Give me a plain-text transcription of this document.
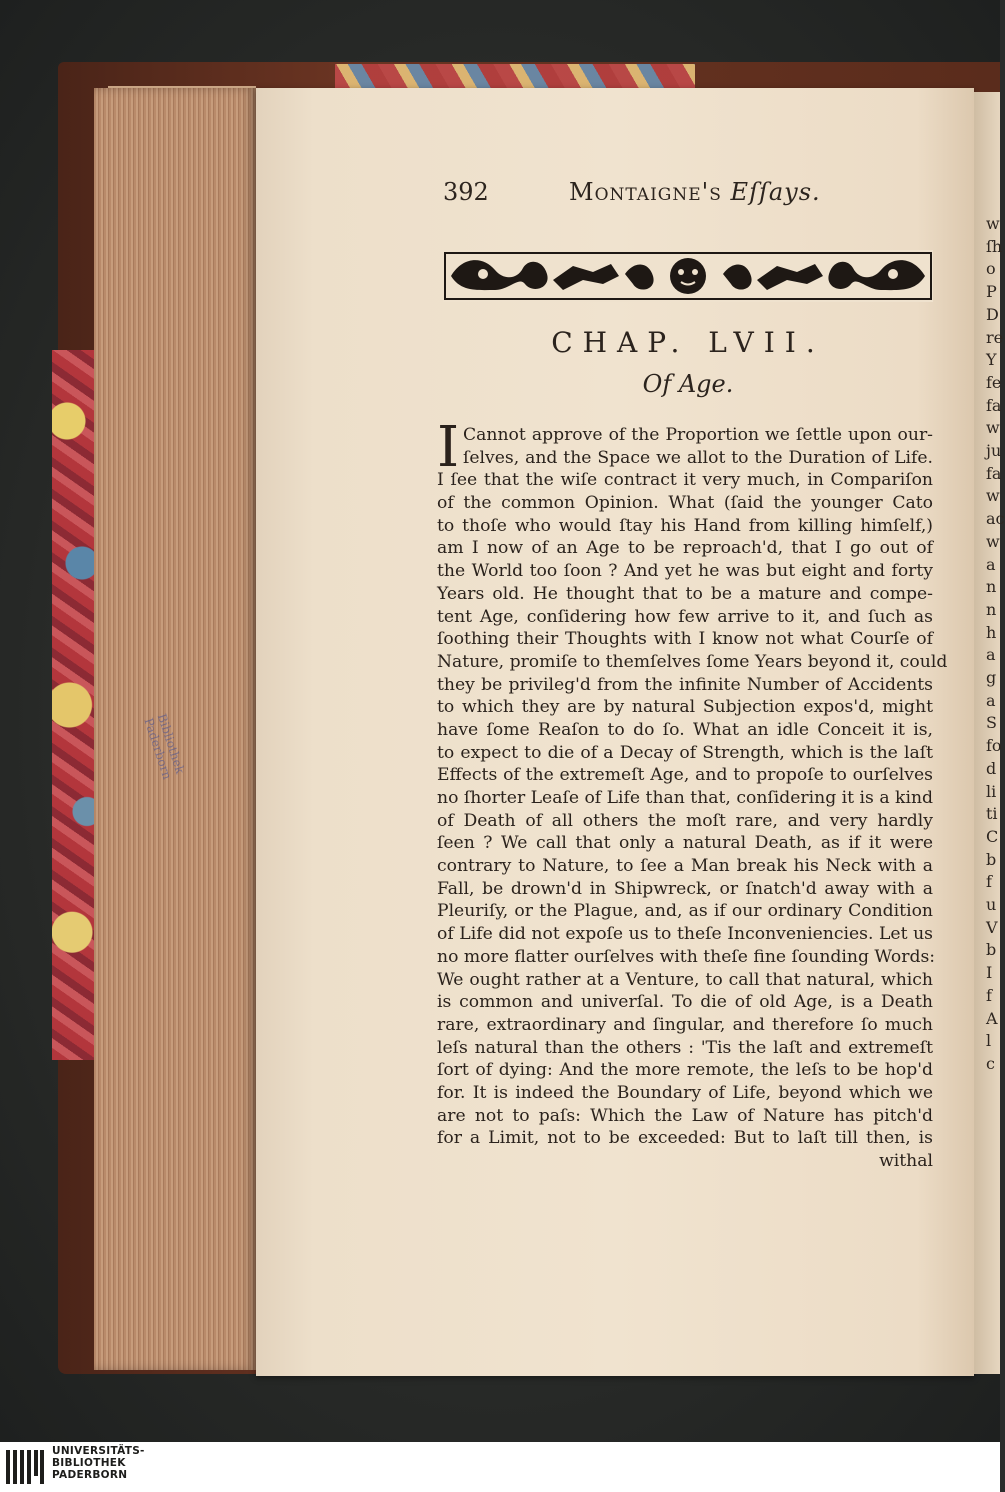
Bibliothek Paderborn
w
ſh
o
P
D
re
Y
fe
fa
w
ju
fa
w
ac
w
a
n
n
h
a
g
a
S
fo
d
li
ti
C
b
f
u
V
b
I
f
A
l
c
392	Montaigne's Eſſays.
CHAP. LVII.
Of Age.
I Cannot approve of the Proportion we ſettle upon our-
ſelves, and the Space we allot to the Duration of Life.
I ſee that the wiſe contract it very much, in Compariſon
of the common Opinion. What (ſaid the younger Cato
to thoſe who would ſtay his Hand from killing himſelf,)
am I now of an Age to be reproach'd, that I go out of
the World too ſoon ? And yet he was but eight and forty
Years old. He thought that to be a mature and compe-
tent Age, conſidering how few arrive to it, and ſuch as
ſoothing their Thoughts with I know not what Courſe of
Nature, promiſe to themſelves ſome Years beyond it, could
they be privileg'd from the infinite Number of Accidents
to which they are by natural Subjection expos'd, might
have ſome Reaſon to do ſo. What an idle Conceit it is,
to expect to die of a Decay of Strength, which is the laſt
Effects of the extremeſt Age, and to propoſe to ourſelves
no ſhorter Leaſe of Life than that, conſidering it is a kind
of Death of all others the moſt rare, and very hardly
ſeen ? We call that only a natural Death, as if it were
contrary to Nature, to ſee a Man break his Neck with a
Fall, be drown'd in Shipwreck, or ſnatch'd away with a
Pleuriſy, or the Plague, and, as if our ordinary Condition
of Life did not expoſe us to theſe Inconveniencies. Let us
no more flatter ourſelves with theſe fine ſounding Words:
We ought rather at a Venture, to call that natural, which
is common and univerſal. To die of old Age, is a Death
rare, extraordinary and ſingular, and therefore ſo much
leſs natural than the others : 'Tis the laſt and extremeſt
ſort of dying: And the more remote, the leſs to be hop'd
for. It is indeed the Boundary of Life, beyond which we
are not to paſs: Which the Law of Nature has pitch'd
for a Limit, not to be exceeded: But to laſt till then, is
withal
UNIVERSITÄTS-
BIBLIOTHEK
PADERBORN
